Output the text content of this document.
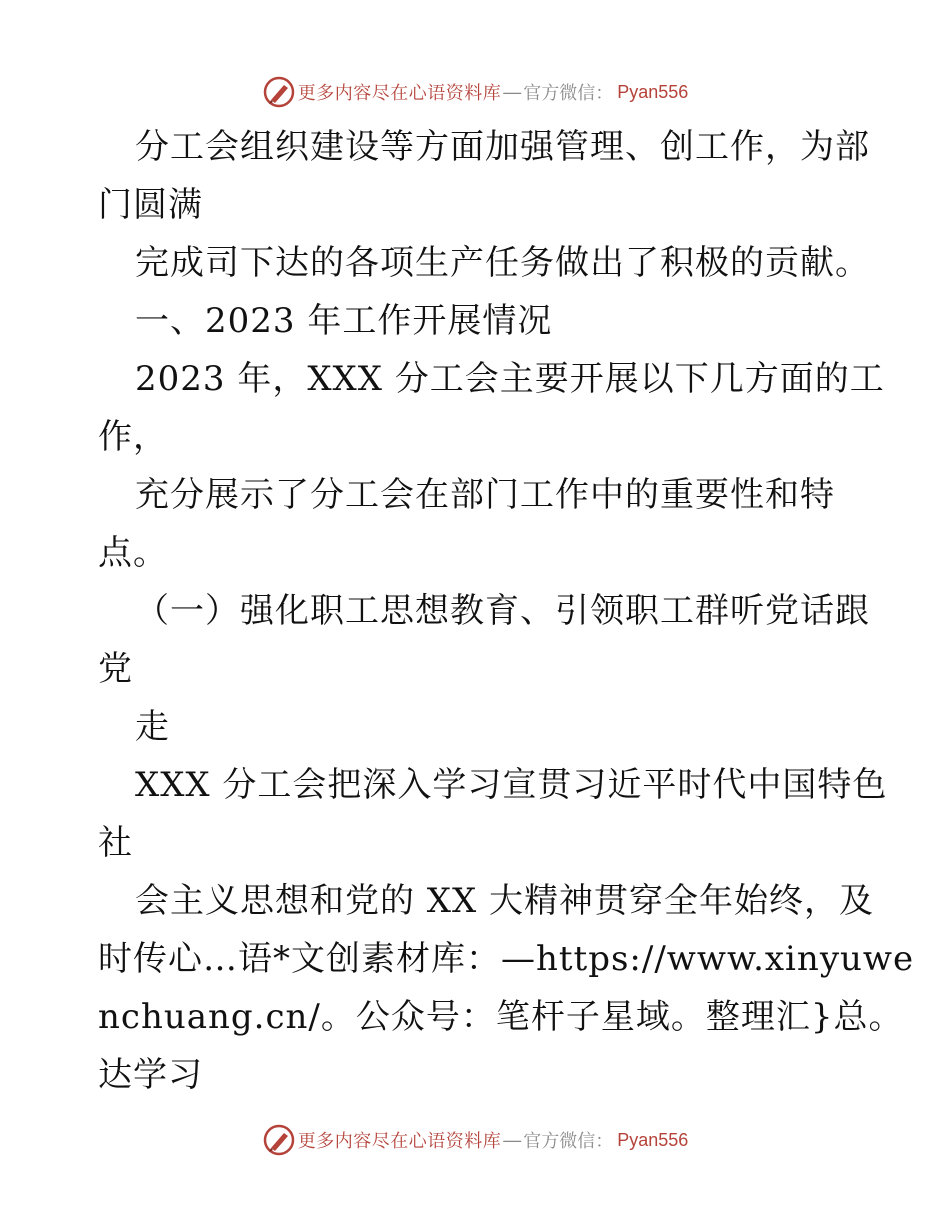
更多内容尽在心语资料库 — 官方微信： Pyan556
分工会组织建设等方面加强管理、创工作，为部
门圆满
完成司下达的各项生产任务做出了积极的贡献。
一、2023 年工作开展情况
2023 年，XXX 分工会主要开展以下几方面的工
作，
充分展示了分工会在部门工作中的重要性和特
点。
（一）强化职工思想教育、引领职工群听党话跟
党
走
XXX 分工会把深入学习宣贯习近平时代中国特色
社
会主义思想和党的 XX 大精神贯穿全年始终，及
时传心…语*文创素材库：—https://www.xinyuwe
nchuang.cn/。公众号：笔杆子星域。整理汇}总。
达学习
更多内容尽在心语资料库 — 官方微信： Pyan556
